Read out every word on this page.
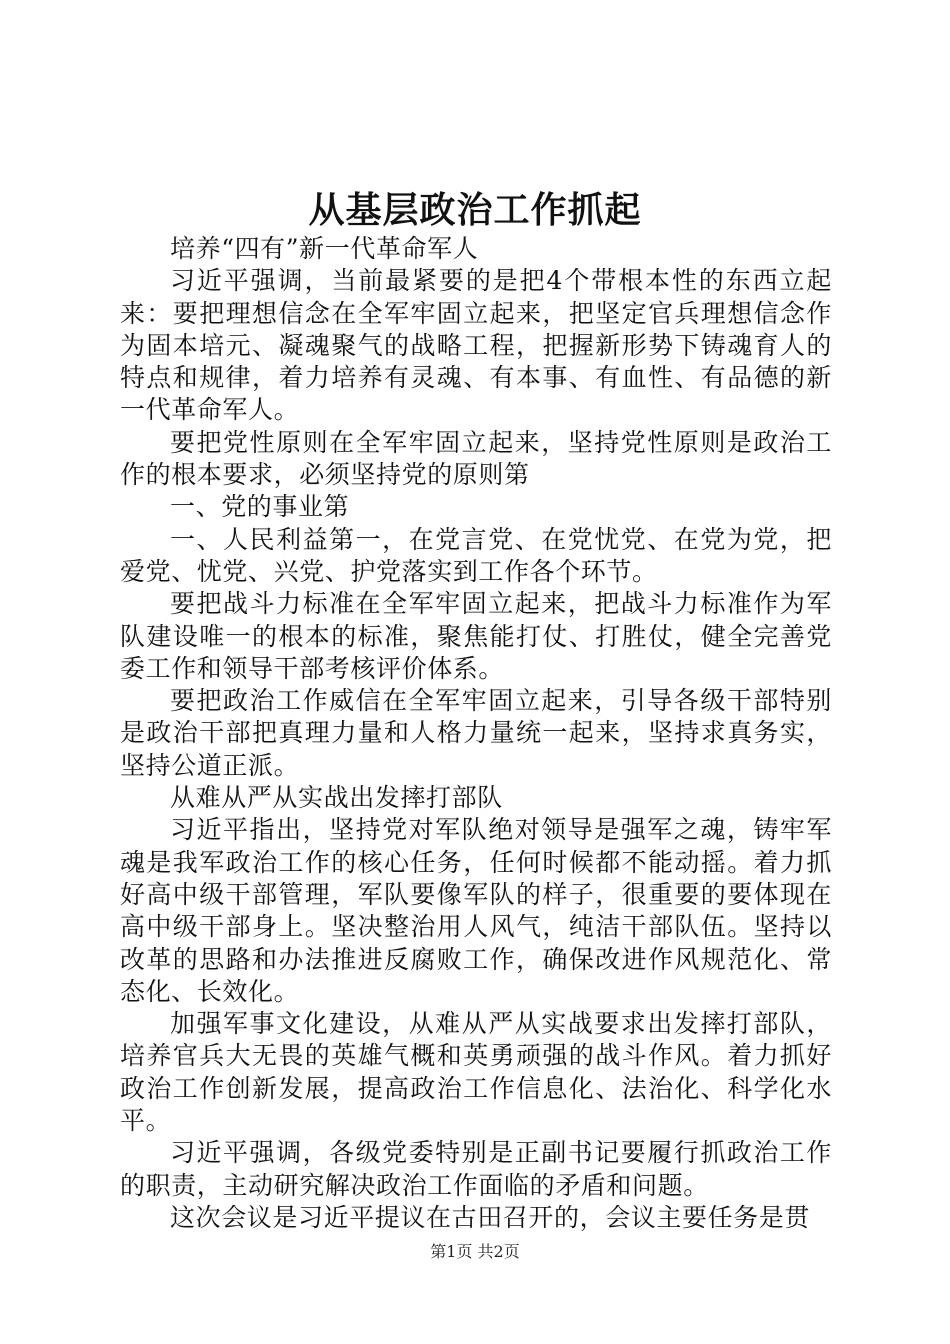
从基层政治工作抓起

培养“四有”新一代革命军人

习近平强调，当前最紧要的是把4个带根本性的东西立起来：要把理想信念在全军牢固立起来，把坚定官兵理想信念作为固本培元、凝魂聚气的战略工程，把握新形势下铸魂育人的特点和规律，着力培养有灵魂、有本事、有血性、有品德的新一代革命军人。

要把党性原则在全军牢固立起来，坚持党性原则是政治工作的根本要求，必须坚持党的原则第

一、党的事业第

一、人民利益第一，在党言党、在党忧党、在党为党，把爱党、忧党、兴党、护党落实到工作各个环节。

要把战斗力标准在全军牢固立起来，把战斗力标准作为军队建设唯一的根本的标准，聚焦能打仗、打胜仗，健全完善党委工作和领导干部考核评价体系。

要把政治工作威信在全军牢固立起来，引导各级干部特别是政治干部把真理力量和人格力量统一起来，坚持求真务实，坚持公道正派。

从难从严从实战出发摔打部队

习近平指出，坚持党对军队绝对领导是强军之魂，铸牢军魂是我军政治工作的核心任务，任何时候都不能动摇。着力抓好高中级干部管理，军队要像军队的样子，很重要的要体现在高中级干部身上。坚决整治用人风气，纯洁干部队伍。坚持以改革的思路和办法推进反腐败工作，确保改进作风规范化、常态化、长效化。

加强军事文化建设，从难从严从实战要求出发摔打部队，培养官兵大无畏的英雄气概和英勇顽强的战斗作风。着力抓好政治工作创新发展，提高政治工作信息化、法治化、科学化水平。

习近平强调，各级党委特别是正副书记要履行抓政治工作的职责，主动研究解决政治工作面临的矛盾和问题。

这次会议是习近平提议在古田召开的，会议主要任务是贯

第1页 共2页
